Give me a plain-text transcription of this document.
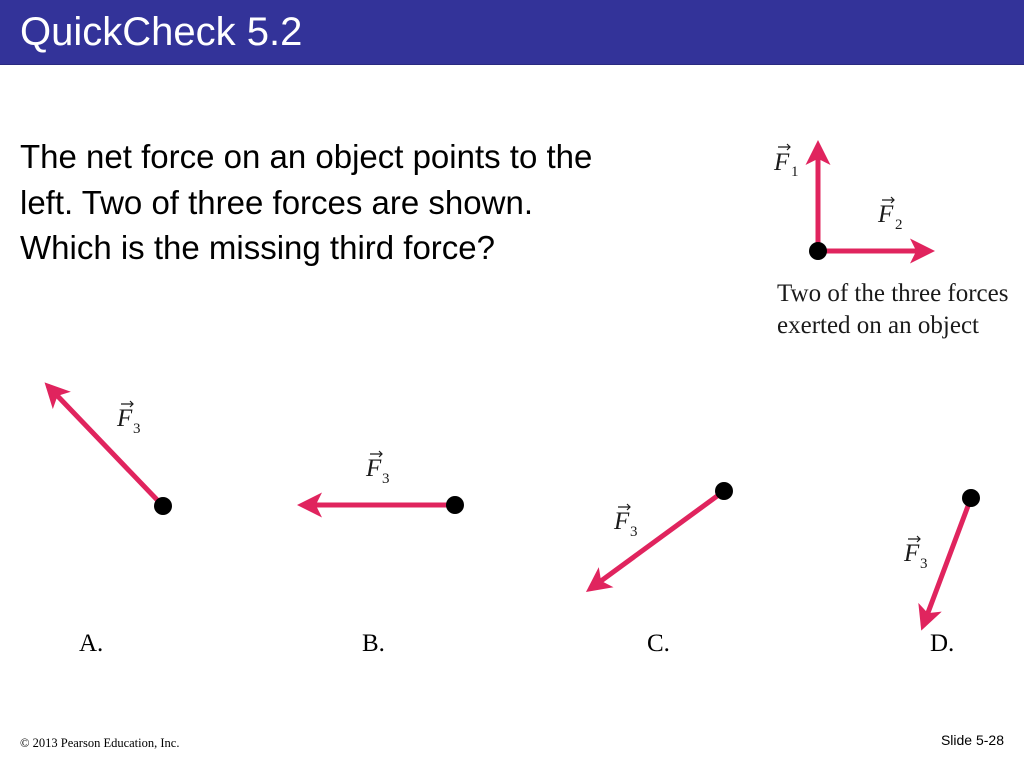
QuickCheck 5.2
The net force on an object points to the left. Two of three forces are shown. Which is the missing third force?
F 1
F 2
F 3
F 3
F 3
F 3
Two of the three forces exerted on an object
A.	B.	C.	D.
© 2013 Pearson Education, Inc.	Slide 5-28
